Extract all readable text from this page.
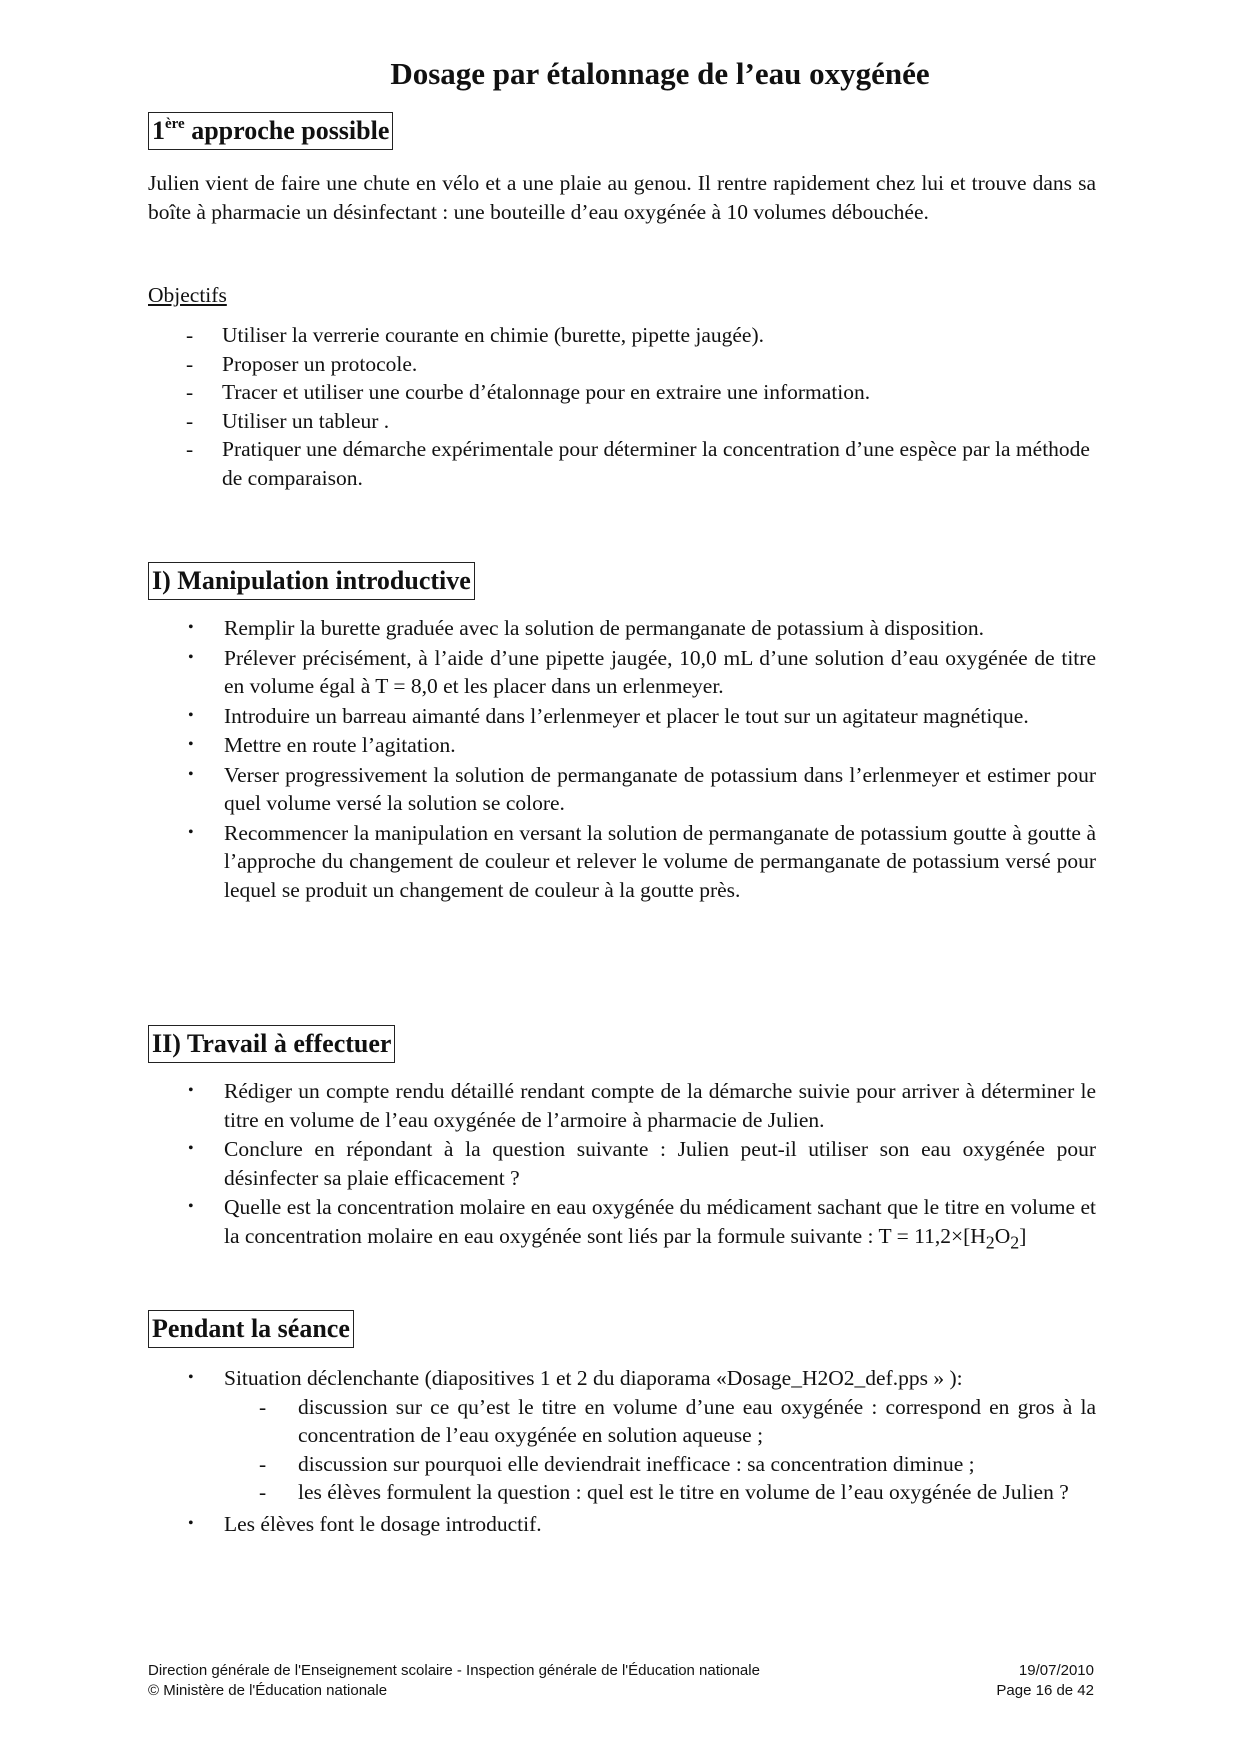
Dosage par étalonnage de l’eau oxygénée
1ère approche possible
Julien vient de faire une chute en vélo et a une plaie au genou. Il rentre rapidement chez lui et trouve dans sa boîte à pharmacie un désinfectant : une bouteille d’eau oxygénée à 10 volumes débouchée.
Objectifs
- Utiliser la verrerie courante en chimie (burette, pipette jaugée).
- Proposer un protocole.
- Tracer et utiliser une courbe d’étalonnage pour en extraire une information.
- Utiliser un tableur .
- Pratiquer une démarche expérimentale pour déterminer la concentration d’une espèce par la méthode de comparaison.
I) Manipulation introductive
• Remplir la burette graduée avec la solution de permanganate de potassium à disposition.
• Prélever précisément, à l’aide d’une pipette jaugée, 10,0 mL d’une solution d’eau oxygénée de titre en volume égal à T = 8,0 et les placer dans un erlenmeyer.
• Introduire un barreau aimanté dans l’erlenmeyer et placer le tout sur un agitateur magnétique.
• Mettre en route l’agitation.
• Verser progressivement la solution de permanganate de potassium dans l’erlenmeyer et estimer pour quel volume versé la solution se colore.
• Recommencer la manipulation en versant la solution de permanganate de potassium goutte à goutte à l’approche du changement de couleur et relever le volume de permanganate de potassium versé pour lequel se produit un changement de couleur à la goutte près.
II) Travail à effectuer
• Rédiger un compte rendu détaillé rendant compte de la démarche suivie pour arriver à déterminer le titre en volume de l’eau oxygénée de l’armoire à pharmacie de Julien.
• Conclure en répondant à la question suivante : Julien peut-il utiliser son eau oxygénée pour désinfecter sa plaie efficacement ?
• Quelle est la concentration molaire en eau oxygénée du médicament sachant que le titre en volume et la concentration molaire en eau oxygénée sont liés par la formule suivante : $T = 11,2\times[H_2O_2]$
Pendant la séance
• Situation déclenchante (diapositives 1 et 2 du diaporama «Dosage_H2O2_def.pps » ):
- discussion sur ce qu’est le titre en volume d’une eau oxygénée : correspond en gros à la concentration de l’eau oxygénée en solution aqueuse ;
- discussion sur pourquoi elle deviendrait inefficace : sa concentration diminue ;
- les élèves formulent la question : quel est le titre en volume de l’eau oxygénée de Julien ?
• Les élèves font le dosage introductif.
Direction générale de l'Enseignement scolaire - Inspection générale de l'Éducation nationale
© Ministère de l'Éducation nationale
19/07/2010
Page 16 de 42
